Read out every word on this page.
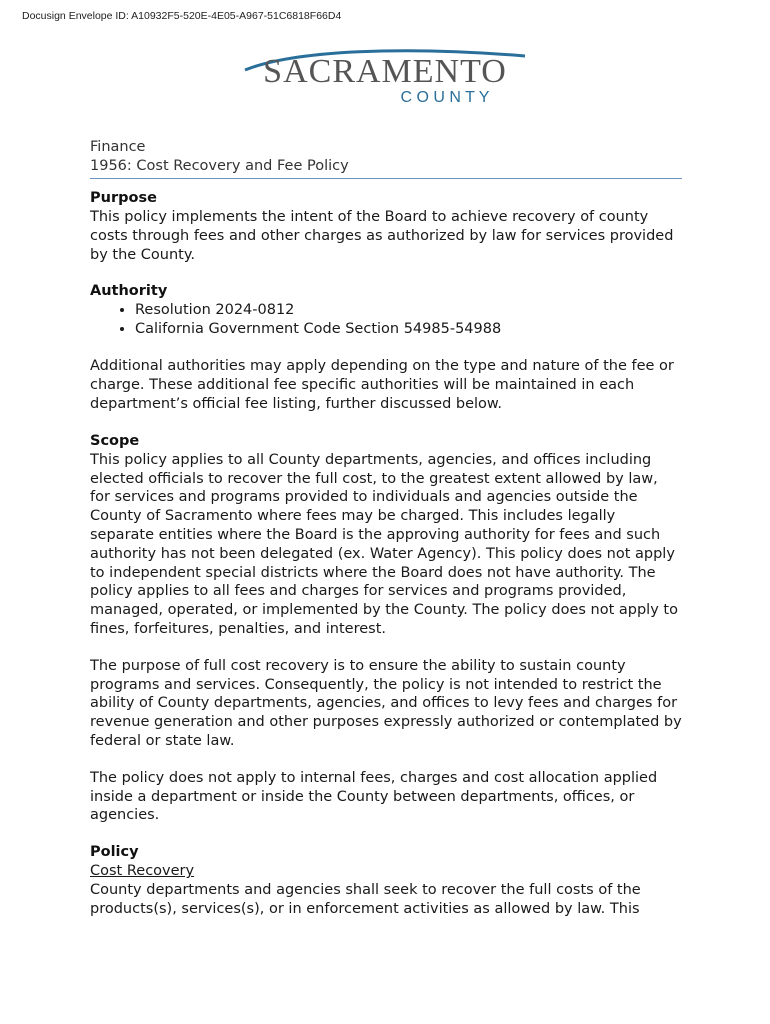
Docusign Envelope ID: A10932F5-520E-4E05-A967-51C6818F66D4
SACRAMENTO
C O U N T Y
Finance
1956: Cost Recovery and Fee Policy
Purpose

This policy implements the intent of the Board to achieve recovery of county costs through fees and other charges as authorized by law for services provided by the County.

Authority
• Resolution 2024-0812
• California Government Code Section 54985-54988

Additional authorities may apply depending on the type and nature of the fee or charge. These additional fee specific authorities will be maintained in each department’s official fee listing, further discussed below.

Scope

This policy applies to all County departments, agencies, and offices including elected officials to recover the full cost, to the greatest extent allowed by law, for services and programs provided to individuals and agencies outside the County of Sacramento where fees may be charged. This includes legally separate entities where the Board is the approving authority for fees and such authority has not been delegated (ex. Water Agency). This policy does not apply to independent special districts where the Board does not have authority. The policy applies to all fees and charges for services and programs provided, managed, operated, or implemented by the County. The policy does not apply to fines, forfeitures, penalties, and interest.

The purpose of full cost recovery is to ensure the ability to sustain county programs and services. Consequently, the policy is not intended to restrict the ability of County departments, agencies, and offices to levy fees and charges for revenue generation and other purposes expressly authorized or contemplated by federal or state law.

The policy does not apply to internal fees, charges and cost allocation applied inside a department or inside the County between departments, offices, or agencies.

Policy
Cost Recovery

County departments and agencies shall seek to recover the full costs of the products(s), services(s), or in enforcement activities as allowed by law. This
